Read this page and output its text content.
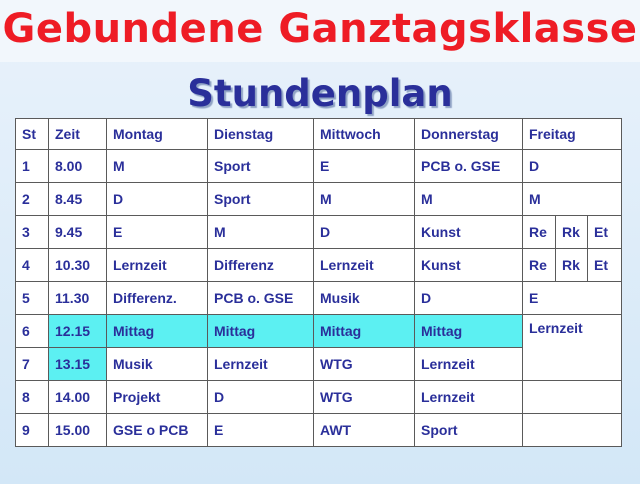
Gebundene Ganztagsklasse
Stundenplan
St	Zeit	Montag	Dienstag	Mittwoch	Donnerstag	Freitag		
1	8.00	M	Sport	E	PCB o. GSE	D		
2	8.45	D	Sport	M	M	M		
3	9.45	E	M	D	Kunst	Re	Rk	Et
4	10.30	Lernzeit	Differenz	Lernzeit	Kunst	Re	Rk	Et
5	11.30	Differenz.	PCB o. GSE	Musik	D	E		
6	12.15	Mittag	Mittag	Mittag	Mittag	Lernzeit		
7	13.15	Musik	Lernzeit	WTG	Lernzeit			
8	14.00	Projekt	D	WTG	Lernzeit			
9	15.00	GSE o PCB	E	AWT	Sport			
